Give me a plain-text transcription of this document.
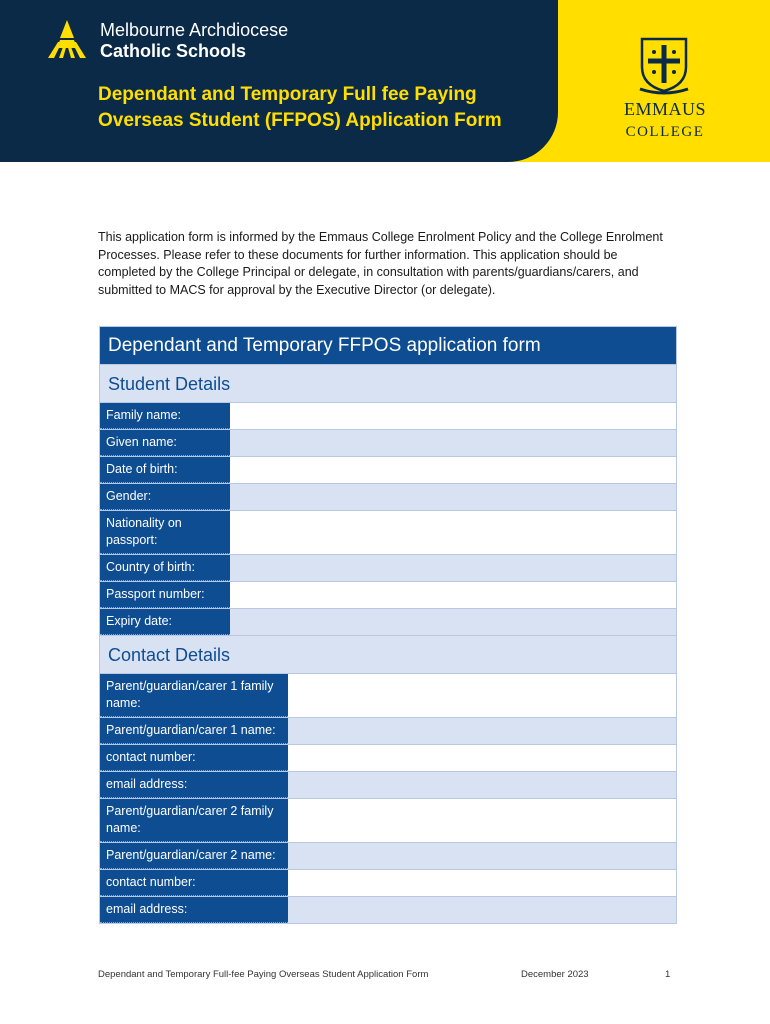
Melbourne Archdiocese
Catholic Schools
Dependant and Temporary Full fee Paying
Overseas Student (FFPOS) Application Form
EMMAUS
COLLEGE

This application form is informed by the Emmaus College Enrolment Policy and the College Enrolment Processes. Please refer to these documents for further information. This application should be completed by the College Principal or delegate, in consultation with parents/guardians/carers, and submitted to MACS for approval by the Executive Director (or delegate).

Dependant and Temporary FFPOS application form
Student Details
Family name:
Given name:
Date of birth:
Gender:
Nationality on passport:
Country of birth:
Passport number:
Expiry date:
Contact Details
Parent/guardian/carer 1 family name:
Parent/guardian/carer 1 name:
contact number:
email address:
Parent/guardian/carer 2 family name:
Parent/guardian/carer 2 name:
contact number:
email address:
Dependant and Temporary Full-fee Paying Overseas Student Application Form	December 2023	1
